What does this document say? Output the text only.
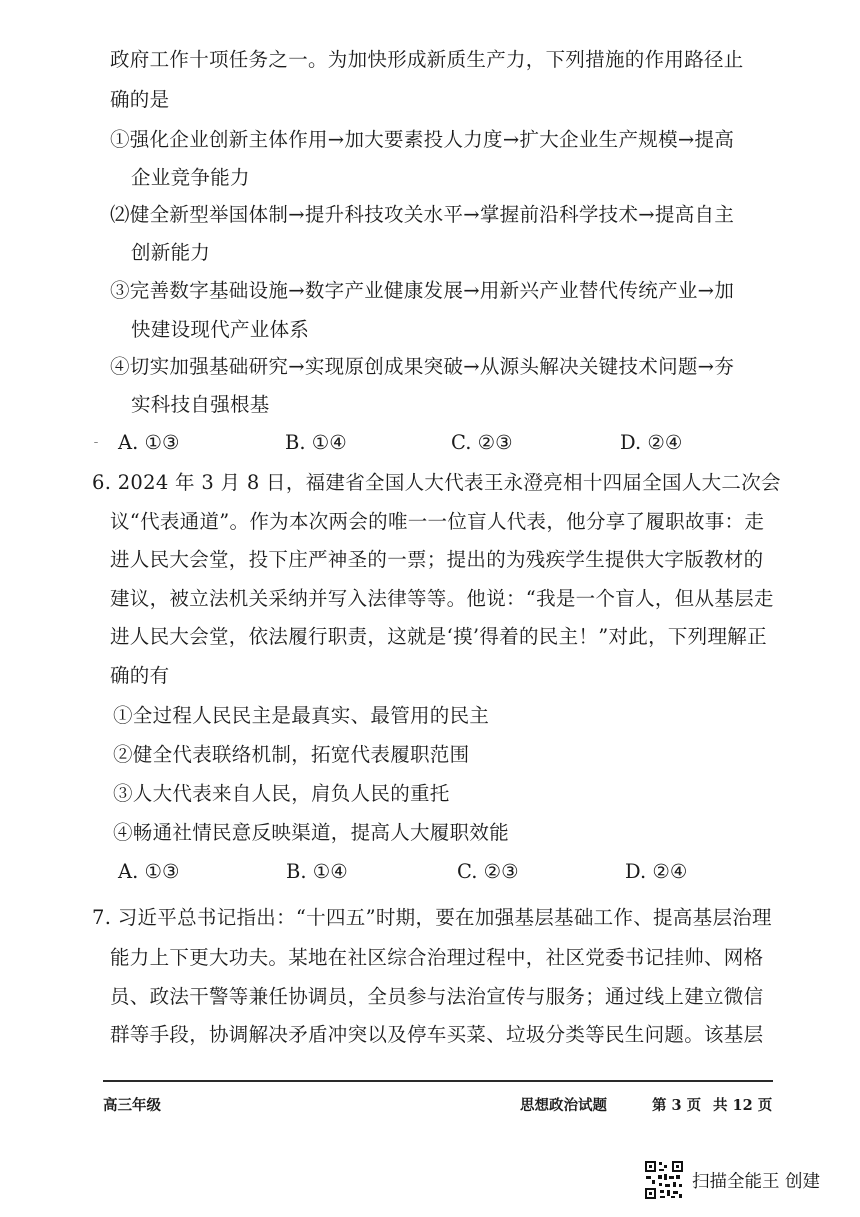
政府工作十项任务之一。为加快形成新质生产力，下列措施的作用路径止
确的是
①强化企业创新主体作用→加大要素投人力度→扩大企业生产规模→提高
企业竞争能力
⑵健全新型举国体制→提升科技攻关水平→掌握前沿科学技术→提高自主
创新能力
③完善数字基础设施→数字产业健康发展→用新兴产业替代传统产业→加
快建设现代产业体系
④切实加强基础研究→实现原创成果突破→从源头解决关键技术问题→夯
实科技自强根基
ˉ A. ①③	B. ①④	C. ②③	D. ②④
6. 2024 年 3 月 8 日，福建省全国人大代表王永澄亮相十四届全国人大二次会
议“代表通道”。作为本次两会的唯一一位盲人代表，他分享了履职故事：走
进人民大会堂，投下庄严神圣的一票；提出的为残疾学生提供大字版教材的
建议，被立法机关采纳并写入法律等等。他说：“我是一个盲人，但从基层走
进人民大会堂，依法履行职责，这就是‘摸’得着的民主！”对此，下列理解正
确的有
①全过程人民民主是最真实、最管用的民主
②健全代表联络机制，拓宽代表履职范围
③人大代表来自人民，肩负人民的重托
④畅通社情民意反映渠道，提高人大履职效能
A. ①③	B. ①④	C. ②③	D. ②④
7. 习近平总书记指出：“十四五”时期，要在加强基层基础工作、提高基层治理
能力上下更大功夫。某地在社区综合治理过程中，社区党委书记挂帅、网格
员、政法干警等兼任协调员，全员参与法治宣传与服务；通过线上建立微信
群等手段，协调解决矛盾冲突以及停车买菜、垃圾分类等民生问题。该基层
高三年级	思想政治试题	第 3 页 共 12 页
扫描全能王 创建
